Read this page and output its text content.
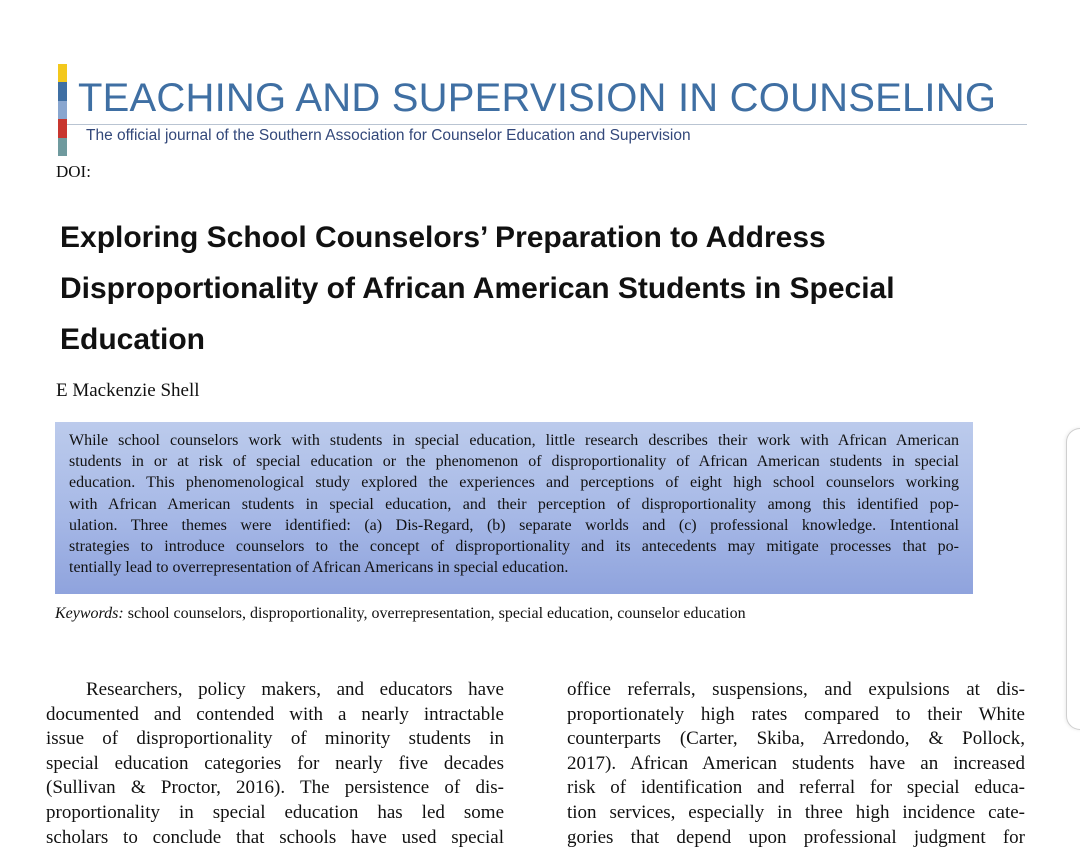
TEACHING AND SUPERVISION IN COUNSELING
The official journal of the Southern Association for Counselor Education and Supervision
DOI:
Exploring School Counselors’ Preparation to Address
Disproportionality of African American Students in Special
Education
E Mackenzie Shell
While school counselors work with students in special education, little research describes their work with African American
students in or at risk of special education or the phenomenon of disproportionality of African American students in special
education. This phenomenological study explored the experiences and perceptions of eight high school counselors working
with African American students in special education, and their perception of disproportionality among this identified pop-
ulation. Three themes were identified: (a) Dis-Regard, (b) separate worlds and (c) professional knowledge. Intentional
strategies to introduce counselors to the concept of disproportionality and its antecedents may mitigate processes that po-
tentially lead to overrepresentation of African Americans in special education.
Keywords: school counselors, disproportionality, overrepresentation, special education, counselor education
Researchers, policy makers, and educators have
documented and contended with a nearly intractable
issue of disproportionality of minority students in
special education categories for nearly five decades
(Sullivan & Proctor, 2016). The persistence of dis-
proportionality in special education has led some
scholars to conclude that schools have used special
office referrals, suspensions, and expulsions at dis-
proportionately high rates compared to their White
counterparts (Carter, Skiba, Arredondo, & Pollock,
2017). African American students have an increased
risk of identification and referral for special educa-
tion services, especially in three high incidence cate-
gories that depend upon professional judgment for
